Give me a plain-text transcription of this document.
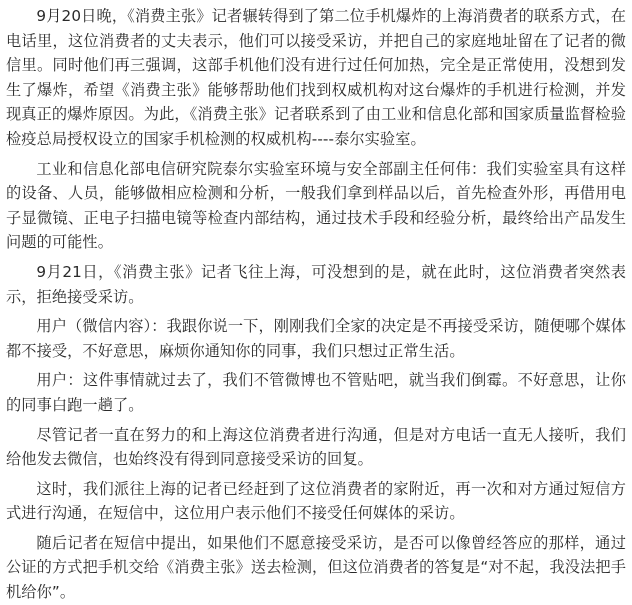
9月20日晚，《消费主张》记者辗转得到了第二位手机爆炸的上海消费者的联系方式，在电话里，这位消费者的丈夫表示，他们可以接受采访，并把自己的家庭地址留在了记者的微信里。同时他们再三强调，这部手机他们没有进行过任何加热，完全是正常使用，没想到发生了爆炸，希望《消费主张》能够帮助他们找到权威机构对这台爆炸的手机进行检测，并发现真正的爆炸原因。为此，《消费主张》记者联系到了由工业和信息化部和国家质量监督检验检疫总局授权设立的国家手机检测的权威机构----泰尔实验室。

工业和信息化部电信研究院泰尔实验室环境与安全部副主任何伟：我们实验室具有这样的设备、人员，能够做相应检测和分析，一般我们拿到样品以后，首先检查外形，再借用电子显微镜、正电子扫描电镜等检查内部结构，通过技术手段和经验分析，最终给出产品发生问题的可能性。

9月21日，《消费主张》记者飞往上海，可没想到的是，就在此时，这位消费者突然表示，拒绝接受采访。

用户（微信内容）：我跟你说一下，刚刚我们全家的决定是不再接受采访，随便哪个媒体都不接受，不好意思，麻烦你通知你的同事，我们只想过正常生活。

用户：这件事情就过去了，我们不管微博也不管贴吧，就当我们倒霉。不好意思，让你的同事白跑一趟了。

尽管记者一直在努力的和上海这位消费者进行沟通，但是对方电话一直无人接听，我们给他发去微信，也始终没有得到同意接受采访的回复。

这时，我们派往上海的记者已经赶到了这位消费者的家附近，再一次和对方通过短信方式进行沟通，在短信中，这位用户表示他们不接受任何媒体的采访。

随后记者在短信中提出，如果他们不愿意接受采访，是否可以像曾经答应的那样，通过公证的方式把手机交给《消费主张》送去检测，但这位消费者的答复是“对不起，我没法把手机给你”。
